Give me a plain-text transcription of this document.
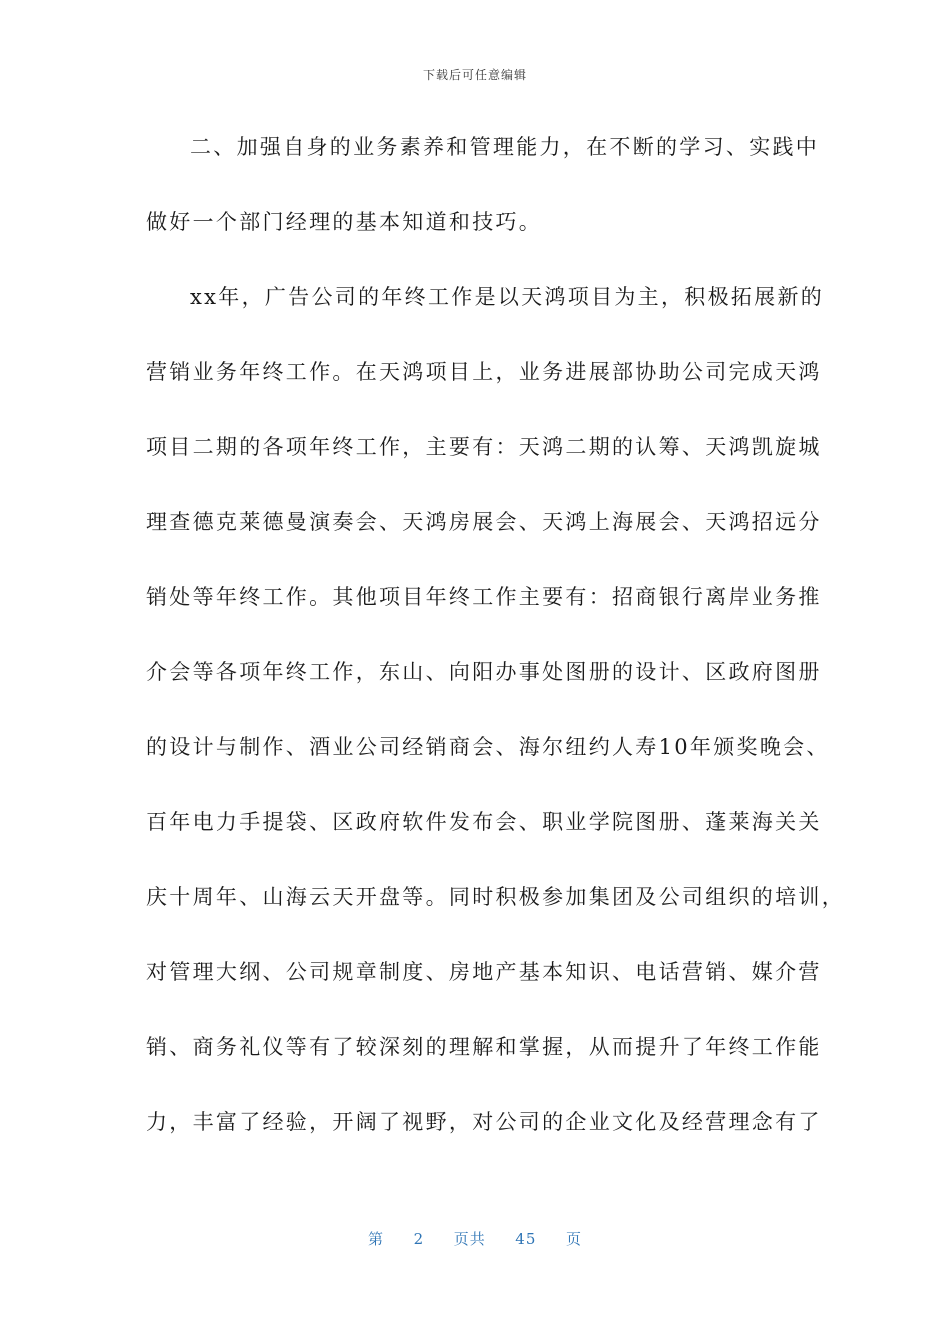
下载后可任意编辑
二、加强自身的业务素养和管理能力，在不断的学习、实践中
做好一个部门经理的基本知道和技巧。
xx年，广告公司的年终工作是以天鸿项目为主，积极拓展新的
营销业务年终工作。在天鸿项目上，业务进展部协助公司完成天鸿
项目二期的各项年终工作，主要有：天鸿二期的认筹、天鸿凯旋城
理查德克莱德曼演奏会、天鸿房展会、天鸿上海展会、天鸿招远分
销处等年终工作。其他项目年终工作主要有：招商银行离岸业务推
介会等各项年终工作，东山、向阳办事处图册的设计、区政府图册
的设计与制作、酒业公司经销商会、海尔纽约人寿10年颁奖晚会、
百年电力手提袋、区政府软件发布会、职业学院图册、蓬莱海关关
庆十周年、山海云天开盘等。同时积极参加集团及公司组织的培训，
对管理大纲、公司规章制度、房地产基本知识、电话营销、媒介营
销、商务礼仪等有了较深刻的理解和掌握，从而提升了年终工作能
力，丰富了经验，开阔了视野，对公司的企业文化及经营理念有了
第 2 页共 45 页
